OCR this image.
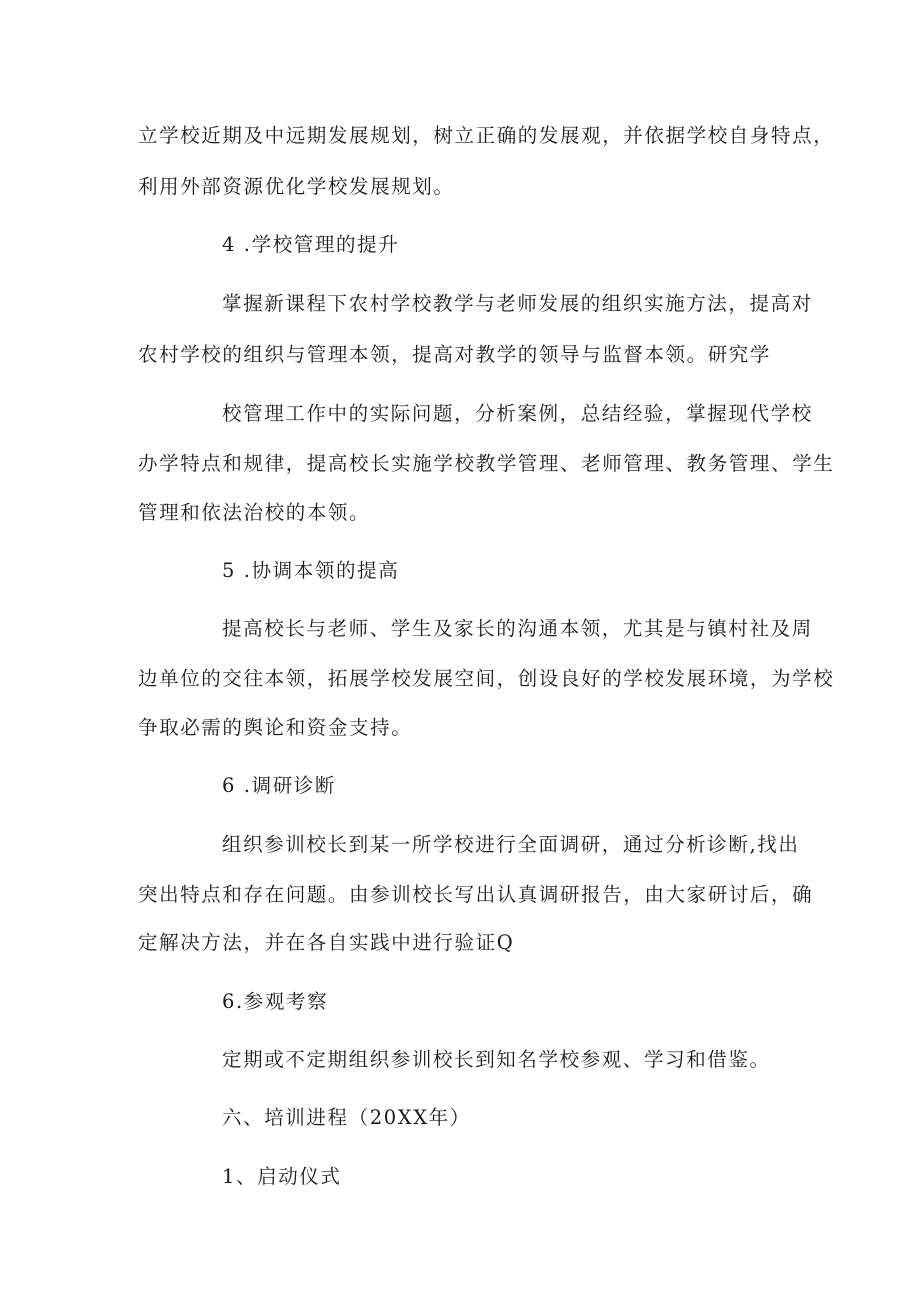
立学校近期及中远期发展规划，树立正确的发展观，并依据学校自身特点，
利用外部资源优化学校发展规划。
4 .学校管理的提升
掌握新课程下农村学校教学与老师发展的组织实施方法，提高对
农村学校的组织与管理本领，提高对教学的领导与监督本领。研究学
校管理工作中的实际问题，分析案例，总结经验，掌握现代学校
办学特点和规律，提高校长实施学校教学管理、老师管理、教务管理、学生
管理和依法治校的本领。
5 .协调本领的提高
提高校长与老师、学生及家长的沟通本领，尤其是与镇村社及周
边单位的交往本领，拓展学校发展空间，创设良好的学校发展环境，为学校
争取必需的舆论和资金支持。
6 .调研诊断
组织参训校长到某一所学校进行全面调研，通过分析诊断,找出
突出特点和存在问题。由参训校长写出认真调研报告，由大家研讨后，确
定解决方法，并在各自实践中进行验证Q
6.参观考察
定期或不定期组织参训校长到知名学校参观、学习和借鉴。
六、培训进程（20XX年）
1、启动仪式
